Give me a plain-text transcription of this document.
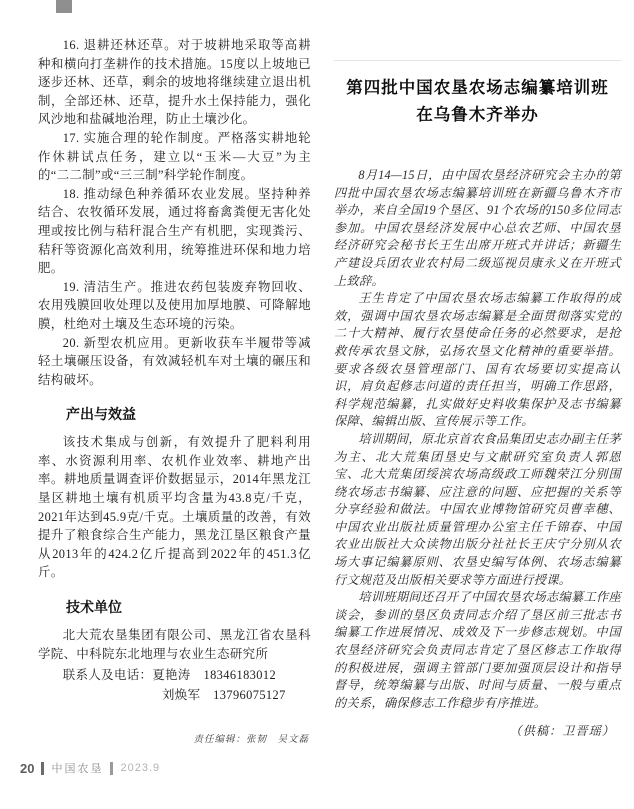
16. 退耕还林还草。对于坡耕地采取等高耕种和横向打垄耕作的技术措施。15度以上坡地已逐步还林、还草，剩余的坡地将继续建立退出机制，全部还林、还草，提升水土保持能力，强化风沙地和盐碱地治理，防止土壤沙化。

17. 实施合理的轮作制度。严格落实耕地轮作休耕试点任务，建立以“玉米—大豆”为主的“二二制”或“三三制”科学轮作制度。

18. 推动绿色种养循环农业发展。坚持种养结合、农牧循环发展，通过将畜禽粪便无害化处理或按比例与秸秆混合生产有机肥，实现粪污、秸秆等资源化高效利用，统筹推进环保和地力培肥。

19. 清洁生产。推进农药包装废弃物回收、农用残膜回收处理以及使用加厚地膜、可降解地膜，杜绝对土壤及生态环境的污染。

20. 新型农机应用。更新收获车半履带等减轻土壤碾压设备，有效减轻机车对土壤的碾压和结构破坏。

产出与效益

该技术集成与创新，有效提升了肥料利用率、水资源利用率、农机作业效率、耕地产出率。耕地质量调查评价数据显示，2014年黑龙江垦区耕地土壤有机质平均含量为43.8克/千克，2021年达到45.9克/千克。土壤质量的改善，有效提升了粮食综合生产能力，黑龙江垦区粮食产量从2013年的424.2亿斤提高到2022年的451.3亿斤。

技术单位

北大荒农垦集团有限公司、黑龙江省农垦科学院、中科院东北地理与农业生态研究所

联系人及电话：夏艳涛　18346183012

刘焕军　13796075127

责任编辑：张韧　吴文磊

第四批中国农垦农场志编纂培训班
在乌鲁木齐举办

8月14—15日，由中国农垦经济研究会主办的第四批中国农垦农场志编纂培训班在新疆乌鲁木齐市举办，来自全国19个垦区、91个农场的150多位同志参加。中国农垦经济发展中心总农艺师、中国农垦经济研究会秘书长王生出席开班式并讲话；新疆生产建设兵团农业农村局二级巡视员康永义在开班式上致辞。

王生肯定了中国农垦农场志编纂工作取得的成效，强调中国农垦农场志编纂是全面贯彻落实党的二十大精神、履行农垦使命任务的必然要求，是抢救传承农垦文脉，弘扬农垦文化精神的重要举措。要求各级农垦管理部门、国有农场要切实提高认识，肩负起修志问道的责任担当，明确工作思路，科学规范编纂，扎实做好史料收集保护及志书编纂保障、编辑出版、宣传展示等工作。

培训期间，原北京首农食品集团史志办副主任茅为主、北大荒集团垦史与文献研究室负责人郭恩宝、北大荒集团绥滨农场高级政工师魏荣江分别围绕农场志书编纂、应注意的问题、应把握的关系等分享经验和做法。中国农业博物馆研究员曹幸穗、中国农业出版社质量管理办公室主任千锦春、中国农业出版社大众读物出版分社社长王庆宁分别从农场大事记编纂原则、农垦史编写体例、农场志编纂行文规范及出版相关要求等方面进行授课。

培训班期间还召开了中国农垦农场志编纂工作座谈会，参训的垦区负责同志介绍了垦区前三批志书编纂工作进展情况、成效及下一步修志规划。中国农垦经济研究会负责同志肯定了垦区修志工作取得的积极进展，强调主管部门要加强顶层设计和指导督导，统筹编纂与出版、时间与质量、一般与重点的关系，确保修志工作稳步有序推进。

（供稿：卫晋瑶）

20 中国农垦 2023.9
